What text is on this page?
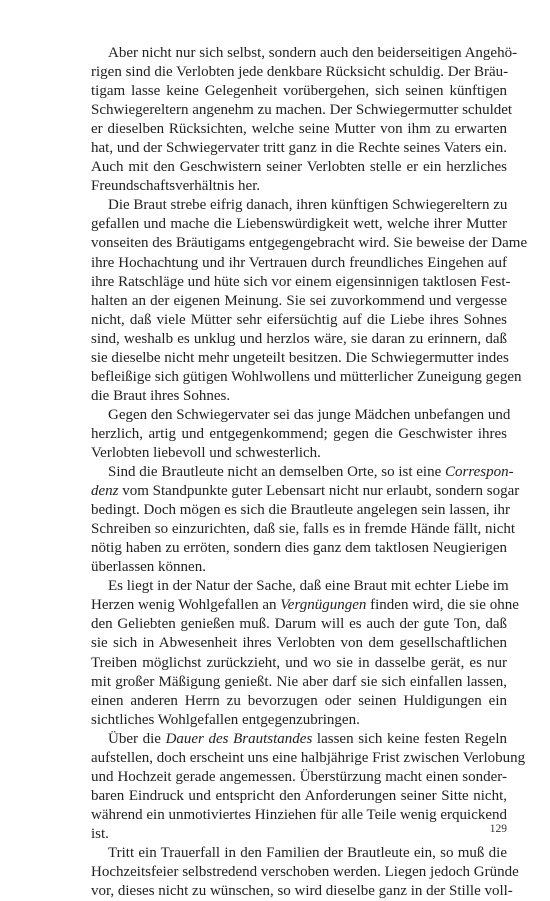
Aber nicht nur sich selbst, sondern auch den beiderseitigen Angehö-
rigen sind die Verlobten jede denkbare Rücksicht schuldig. Der Bräu-
tigam lasse keine Gelegenheit vorübergehen, sich seinen künftigen
Schwiegereltern angenehm zu machen. Der Schwiegermutter schuldet
er dieselben Rücksichten, welche seine Mutter von ihm zu erwarten
hat, und der Schwiegervater tritt ganz in die Rechte seines Vaters ein.
Auch mit den Geschwistern seiner Verlobten stelle er ein herzliches
Freundschaftsverhältnis her.
Die Braut strebe eifrig danach, ihren künftigen Schwiegereltern zu
gefallen und mache die Liebenswürdigkeit wett, welche ihrer Mutter
vonseiten des Bräutigams entgegengebracht wird. Sie beweise der Dame
ihre Hochachtung und ihr Vertrauen durch freundliches Eingehen auf
ihre Ratschläge und hüte sich vor einem eigensinnigen taktlosen Fest-
halten an der eigenen Meinung. Sie sei zuvorkommend und vergesse
nicht, daß viele Mütter sehr eifersüchtig auf die Liebe ihres Sohnes
sind, weshalb es unklug und herzlos wäre, sie daran zu erinnern, daß
sie dieselbe nicht mehr ungeteilt besitzen. Die Schwiegermutter indes
befleißige sich gütigen Wohlwollens und mütterlicher Zuneigung gegen
die Braut ihres Sohnes.
Gegen den Schwiegervater sei das junge Mädchen unbefangen und
herzlich, artig und entgegenkommend; gegen die Geschwister ihres
Verlobten liebevoll und schwesterlich.
Sind die Brautleute nicht an demselben Orte, so ist eine Correspon-
denz vom Standpunkte guter Lebensart nicht nur erlaubt, sondern sogar
bedingt. Doch mögen es sich die Brautleute angelegen sein lassen, ihr
Schreiben so einzurichten, daß sie, falls es in fremde Hände fällt, nicht
nötig haben zu erröten, sondern dies ganz dem taktlosen Neugierigen
überlassen können.
Es liegt in der Natur der Sache, daß eine Braut mit echter Liebe im
Herzen wenig Wohlgefallen an Vergnügungen finden wird, die sie ohne
den Geliebten genießen muß. Darum will es auch der gute Ton, daß
sie sich in Abwesenheit ihres Verlobten von dem gesellschaftlichen
Treiben möglichst zurückzieht, und wo sie in dasselbe gerät, es nur
mit großer Mäßigung genießt. Nie aber darf sie sich einfallen lassen,
einen anderen Herrn zu bevorzugen oder seinen Huldigungen ein
sichtliches Wohlgefallen entgegenzubringen.
Über die Dauer des Brautstandes lassen sich keine festen Regeln
aufstellen, doch erscheint uns eine halbjährige Frist zwischen Verlobung
und Hochzeit gerade angemessen. Überstürzung macht einen sonder-
baren Eindruck und entspricht den Anforderungen seiner Sitte nicht,
während ein unmotiviertes Hinziehen für alle Teile wenig erquickend
ist.
Tritt ein Trauerfall in den Familien der Brautleute ein, so muß die
Hochzeitsfeier selbstredend verschoben werden. Liegen jedoch Gründe
vor, dieses nicht zu wünschen, so wird dieselbe ganz in der Stille voll-
129
